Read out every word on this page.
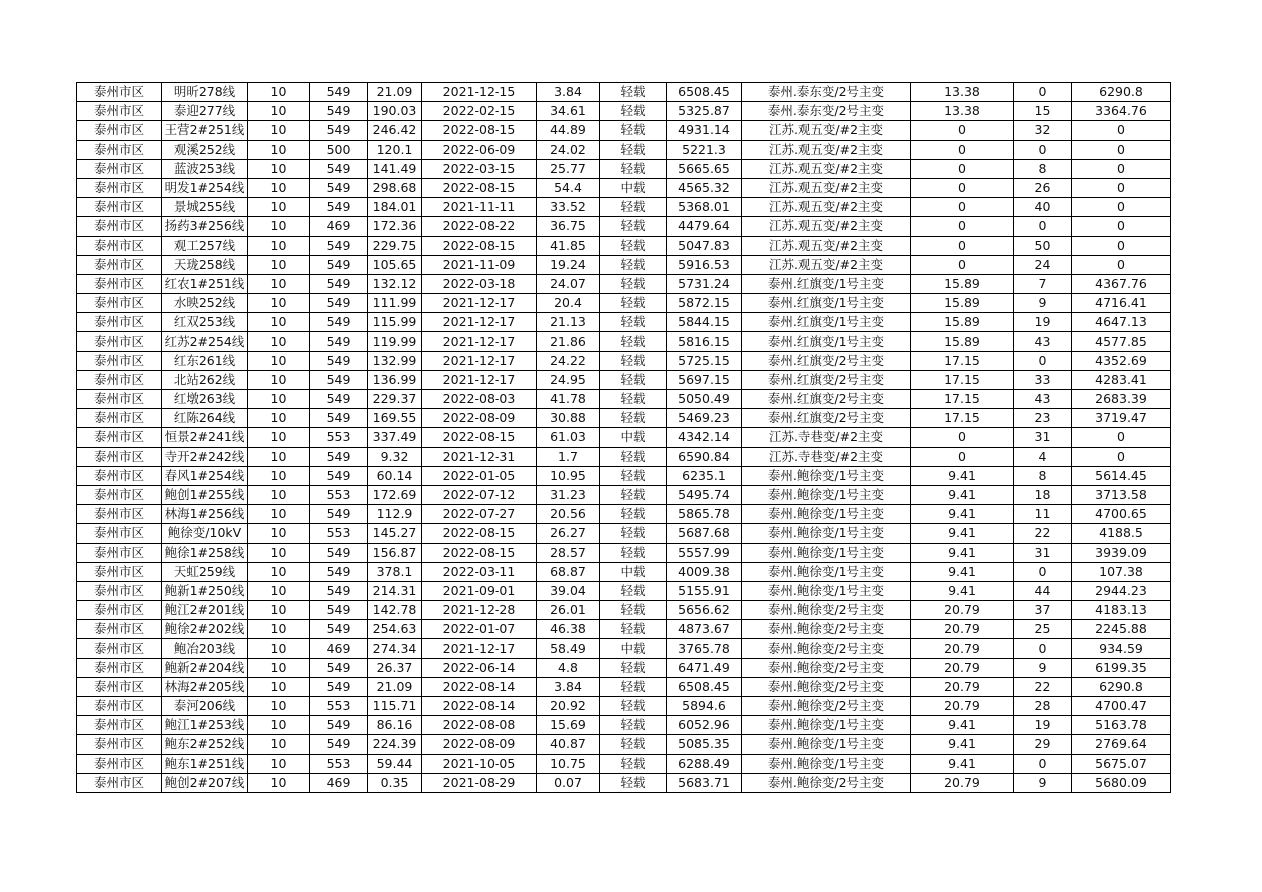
泰州市区	明昕278线	10	549	21.09	2021-12-15	3.84	轻载	6508.45	泰州.泰东变/2号主变	13.38	0	6290.8
泰州市区	泰迎277线	10	549	190.03	2022-02-15	34.61	轻载	5325.87	泰州.泰东变/2号主变	13.38	15	3364.76
泰州市区	王营2#251线	10	549	246.42	2022-08-15	44.89	轻载	4931.14	江苏.观五变/#2主变	0	32	0
泰州市区	观溪252线	10	500	120.1	2022-06-09	24.02	轻载	5221.3	江苏.观五变/#2主变	0	0	0
泰州市区	蓝波253线	10	549	141.49	2022-03-15	25.77	轻载	5665.65	江苏.观五变/#2主变	0	8	0
泰州市区	明发1#254线	10	549	298.68	2022-08-15	54.4	中载	4565.32	江苏.观五变/#2主变	0	26	0
泰州市区	景城255线	10	549	184.01	2021-11-11	33.52	轻载	5368.01	江苏.观五变/#2主变	0	40	0
泰州市区	扬药3#256线	10	469	172.36	2022-08-22	36.75	轻载	4479.64	江苏.观五变/#2主变	0	0	0
泰州市区	观工257线	10	549	229.75	2022-08-15	41.85	轻载	5047.83	江苏.观五变/#2主变	0	50	0
泰州市区	天珑258线	10	549	105.65	2021-11-09	19.24	轻载	5916.53	江苏.观五变/#2主变	0	24	0
泰州市区	红农1#251线	10	549	132.12	2022-03-18	24.07	轻载	5731.24	泰州.红旗变/1号主变	15.89	7	4367.76
泰州市区	水映252线	10	549	111.99	2021-12-17	20.4	轻载	5872.15	泰州.红旗变/1号主变	15.89	9	4716.41
泰州市区	红双253线	10	549	115.99	2021-12-17	21.13	轻载	5844.15	泰州.红旗变/1号主变	15.89	19	4647.13
泰州市区	红苏2#254线	10	549	119.99	2021-12-17	21.86	轻载	5816.15	泰州.红旗变/1号主变	15.89	43	4577.85
泰州市区	红东261线	10	549	132.99	2021-12-17	24.22	轻载	5725.15	泰州.红旗变/2号主变	17.15	0	4352.69
泰州市区	北站262线	10	549	136.99	2021-12-17	24.95	轻载	5697.15	泰州.红旗变/2号主变	17.15	33	4283.41
泰州市区	红墩263线	10	549	229.37	2022-08-03	41.78	轻载	5050.49	泰州.红旗变/2号主变	17.15	43	2683.39
泰州市区	红陈264线	10	549	169.55	2022-08-09	30.88	轻载	5469.23	泰州.红旗变/2号主变	17.15	23	3719.47
泰州市区	恒景2#241线	10	553	337.49	2022-08-15	61.03	中载	4342.14	江苏.寺巷变/#2主变	0	31	0
泰州市区	寺开2#242线	10	549	9.32	2021-12-31	1.7	轻载	6590.84	江苏.寺巷变/#2主变	0	4	0
泰州市区	春风1#254线	10	549	60.14	2022-01-05	10.95	轻载	6235.1	泰州.鲍徐变/1号主变	9.41	8	5614.45
泰州市区	鲍创1#255线	10	553	172.69	2022-07-12	31.23	轻载	5495.74	泰州.鲍徐变/1号主变	9.41	18	3713.58
泰州市区	林海1#256线	10	549	112.9	2022-07-27	20.56	轻载	5865.78	泰州.鲍徐变/1号主变	9.41	11	4700.65
泰州市区	鲍徐变/10kV	10	553	145.27	2022-08-15	26.27	轻载	5687.68	泰州.鲍徐变/1号主变	9.41	22	4188.5
泰州市区	鲍徐1#258线	10	549	156.87	2022-08-15	28.57	轻载	5557.99	泰州.鲍徐变/1号主变	9.41	31	3939.09
泰州市区	天虹259线	10	549	378.1	2022-03-11	68.87	中载	4009.38	泰州.鲍徐变/1号主变	9.41	0	107.38
泰州市区	鲍新1#250线	10	549	214.31	2021-09-01	39.04	轻载	5155.91	泰州.鲍徐变/1号主变	9.41	44	2944.23
泰州市区	鲍江2#201线	10	549	142.78	2021-12-28	26.01	轻载	5656.62	泰州.鲍徐变/2号主变	20.79	37	4183.13
泰州市区	鲍徐2#202线	10	549	254.63	2022-01-07	46.38	轻载	4873.67	泰州.鲍徐变/2号主变	20.79	25	2245.88
泰州市区	鲍冶203线	10	469	274.34	2021-12-17	58.49	中载	3765.78	泰州.鲍徐变/2号主变	20.79	0	934.59
泰州市区	鲍新2#204线	10	549	26.37	2022-06-14	4.8	轻载	6471.49	泰州.鲍徐变/2号主变	20.79	9	6199.35
泰州市区	林海2#205线	10	549	21.09	2022-08-14	3.84	轻载	6508.45	泰州.鲍徐变/2号主变	20.79	22	6290.8
泰州市区	泰河206线	10	553	115.71	2022-08-14	20.92	轻载	5894.6	泰州.鲍徐变/2号主变	20.79	28	4700.47
泰州市区	鲍江1#253线	10	549	86.16	2022-08-08	15.69	轻载	6052.96	泰州.鲍徐变/1号主变	9.41	19	5163.78
泰州市区	鲍东2#252线	10	549	224.39	2022-08-09	40.87	轻载	5085.35	泰州.鲍徐变/1号主变	9.41	29	2769.64
泰州市区	鲍东1#251线	10	553	59.44	2021-10-05	10.75	轻载	6288.49	泰州.鲍徐变/1号主变	9.41	0	5675.07
泰州市区	鲍创2#207线	10	469	0.35	2021-08-29	0.07	轻载	5683.71	泰州.鲍徐变/2号主变	20.79	9	5680.09
